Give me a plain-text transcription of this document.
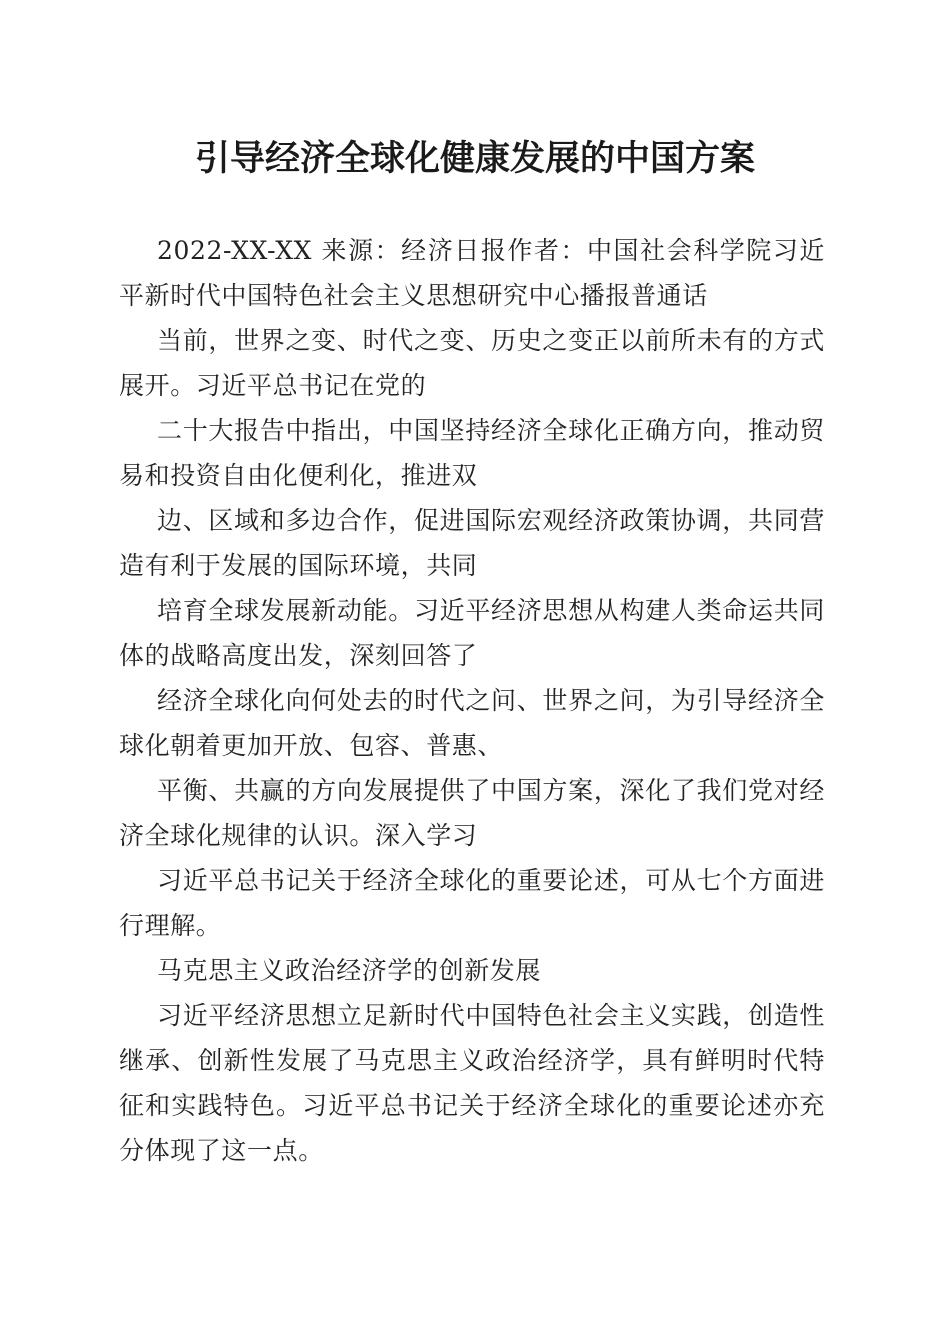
引导经济全球化健康发展的中国方案

2022-XX-XX 来源：经济日报作者：中国社会科学院习近平新时代中国特色社会主义思想研究中心播报普通话

当前，世界之变、时代之变、历史之变正以前所未有的方式展开。习近平总书记在党的

二十大报告中指出，中国坚持经济全球化正确方向，推动贸易和投资自由化便利化，推进双

边、区域和多边合作，促进国际宏观经济政策协调，共同营造有利于发展的国际环境，共同

培育全球发展新动能。习近平经济思想从构建人类命运共同体的战略高度出发，深刻回答了

经济全球化向何处去的时代之问、世界之问，为引导经济全球化朝着更加开放、包容、普惠、

平衡、共赢的方向发展提供了中国方案，深化了我们党对经济全球化规律的认识。深入学习

习近平总书记关于经济全球化的重要论述，可从七个方面进行理解。

马克思主义政治经济学的创新发展

习近平经济思想立足新时代中国特色社会主义实践，创造性继承、创新性发展了马克思主义政治经济学，具有鲜明时代特征和实践特色。习近平总书记关于经济全球化的重要论述亦充分体现了这一点。
